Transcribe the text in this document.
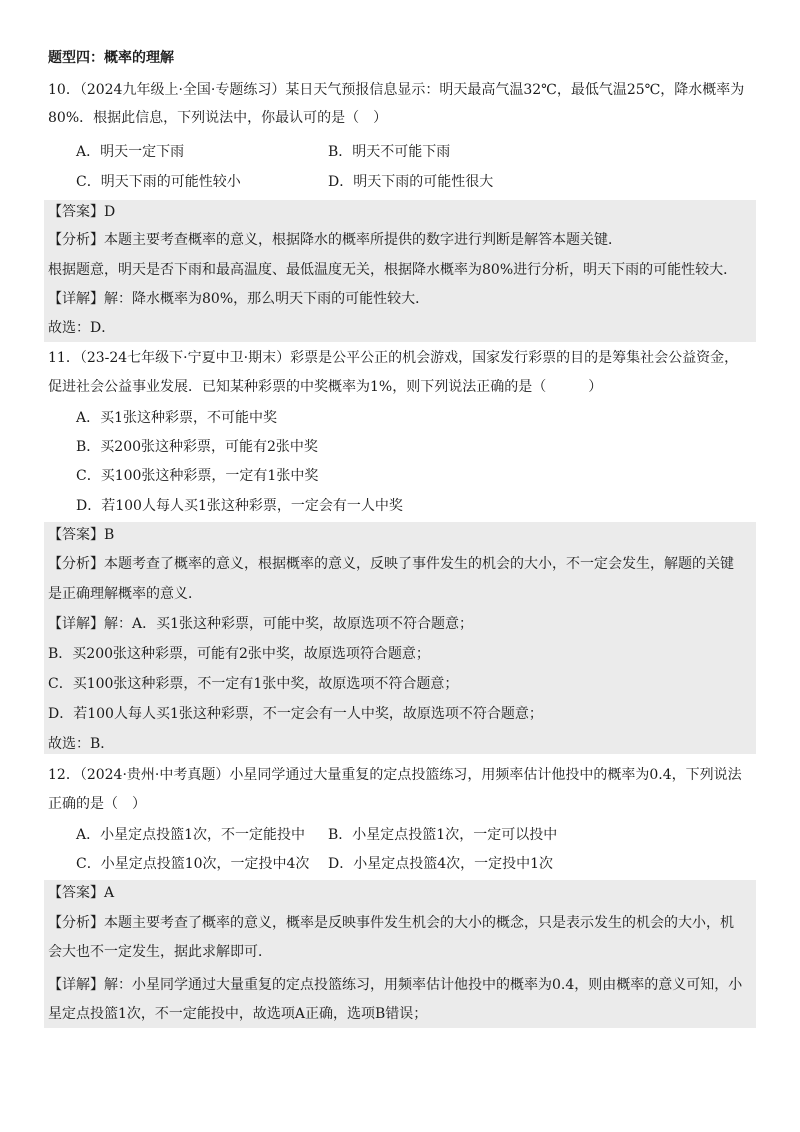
题型四：概率的理解
10．（2024九年级上·全国·专题练习）某日天气预报信息显示：明天最高气温32℃，最低气温25℃，降水概率为
80%．根据此信息，下列说法中，你最认可的是（　）
A．明天一定下雨	B．明天不可能下雨
C．明天下雨的可能性较小	D．明天下雨的可能性很大
【答案】D
【分析】本题主要考查概率的意义，根据降水的概率所提供的数字进行判断是解答本题关键．
根据题意，明天是否下雨和最高温度、最低温度无关，根据降水概率为80%进行分析，明天下雨的可能性较大．
【详解】解：降水概率为80%，那么明天下雨的可能性较大．
故选：D．
11．（23-24七年级下·宁夏中卫·期末）彩票是公平公正的机会游戏，国家发行彩票的目的是筹集社会公益资金，
促进社会公益事业发展．已知某种彩票的中奖概率为1%，则下列说法正确的是（　　　）
A．买1张这种彩票，不可能中奖
B．买200张这种彩票，可能有2张中奖
C．买100张这种彩票，一定有1张中奖
D．若100人每人买1张这种彩票，一定会有一人中奖
【答案】B
【分析】本题考查了概率的意义，根据概率的意义，反映了事件发生的机会的大小，不一定会发生，解题的关键
是正确理解概率的意义．
【详解】解：A．买1张这种彩票，可能中奖，故原选项不符合题意；
B．买200张这种彩票，可能有2张中奖，故原选项符合题意；
C．买100张这种彩票，不一定有1张中奖，故原选项不符合题意；
D．若100人每人买1张这种彩票，不一定会有一人中奖，故原选项不符合题意；
故选：B．
12．（2024·贵州·中考真题）小星同学通过大量重复的定点投篮练习，用频率估计他投中的概率为0.4，下列说法
正确的是（　）
A．小星定点投篮1次，不一定能投中 B．小星定点投篮1次，一定可以投中
C．小星定点投篮10次，一定投中4次 D．小星定点投篮4次，一定投中1次
【答案】A
【分析】本题主要考查了概率的意义，概率是反映事件发生机会的大小的概念，只是表示发生的机会的大小，机
会大也不一定发生，据此求解即可．
【详解】解：小星同学通过大量重复的定点投篮练习，用频率估计他投中的概率为0.4，则由概率的意义可知，小
星定点投篮1次，不一定能投中，故选项A正确，选项B错误；
